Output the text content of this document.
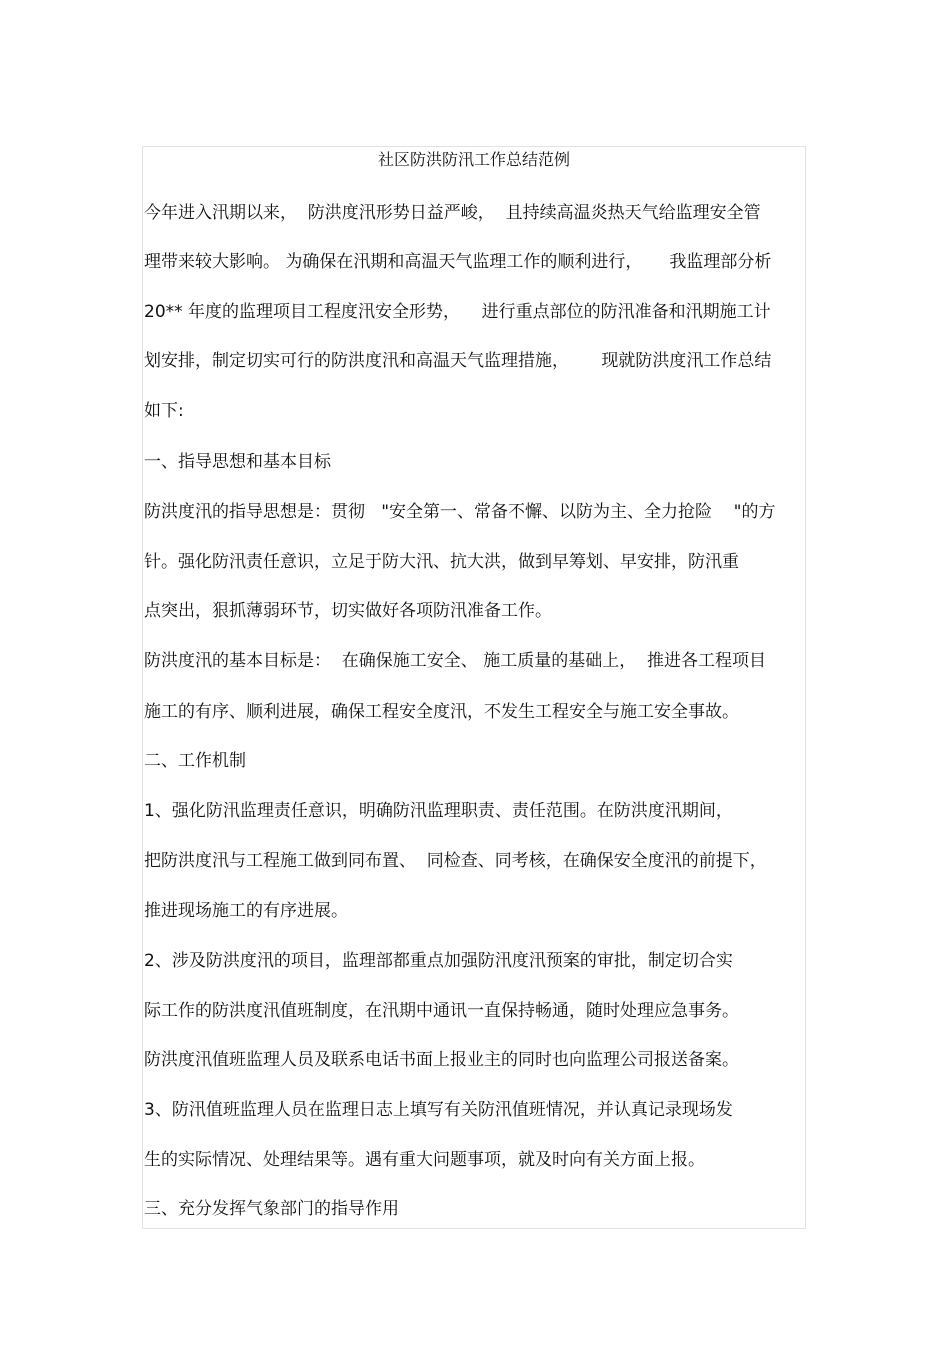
社区防洪防汛工作总结范例
今年进入汛期以来，  防洪度汛形势日益严峻，  且持续高温炎热天气给监理安全管
理带来较大影响。 为确保在汛期和高温天气监理工作的顺利进行，     我监理部分析
20** 年度的监理项目工程度汛安全形势，    进行重点部位的防汛准备和汛期施工计
划安排，制定切实可行的防洪度汛和高温天气监理措施，      现就防洪度汛工作总结
如下:
一、指导思想和基本目标
防洪度汛的指导思想是：贯彻   "安全第一、常备不懈、以防为主、全力抢险    "的方
针。强化防汛责任意识，立足于防大汛、抗大洪，做到早筹划、早安排，防汛重
点突出，狠抓薄弱环节，切实做好各项防汛准备工作。
防洪度汛的基本目标是：  在确保施工安全、 施工质量的基础上，  推进各工程项目
施工的有序、顺利进展，确保工程安全度汛，不发生工程安全与施工安全事故。
二、工作机制
1、强化防汛监理责任意识，明确防汛监理职责、责任范围。在防洪度汛期间，
把防洪度汛与工程施工做到同布置、  同检查、同考核，在确保安全度汛的前提下，
推进现场施工的有序进展。
2、涉及防洪度汛的项目，监理部都重点加强防汛度汛预案的审批，制定切合实
际工作的防洪度汛值班制度，在汛期中通讯一直保持畅通，随时处理应急事务。
防洪度汛值班监理人员及联系电话书面上报业主的同时也向监理公司报送备案。
3、防汛值班监理人员在监理日志上填写有关防汛值班情况，并认真记录现场发
生的实际情况、处理结果等。遇有重大问题事项，就及时向有关方面上报。
三、充分发挥气象部门的指导作用
